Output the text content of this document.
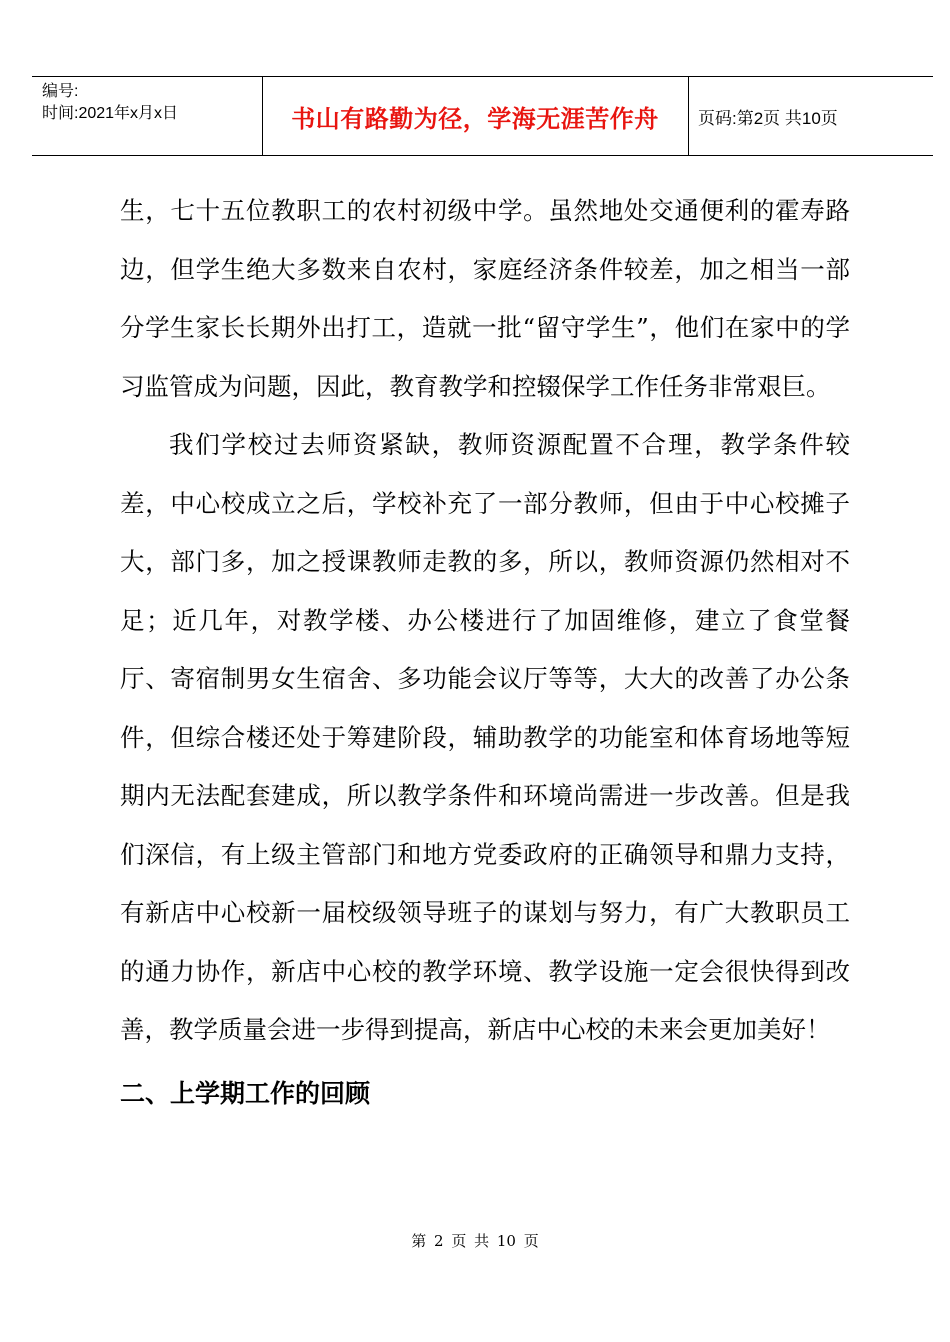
编号:
时间:2021年x月x日	书山有路勤为径，学海无涯苦作舟	页码:第2页 共10页

生，七十五位教职工的农村初级中学。虽然地处交通便利的霍寿路边，但学生绝大多数来自农村，家庭经济条件较差，加之相当一部分学生家长长期外出打工，造就一批“留守学生”，他们在家中的学习监管成为问题，因此，教育教学和控辍保学工作任务非常艰巨。

我们学校过去师资紧缺，教师资源配置不合理，教学条件较差，中心校成立之后，学校补充了一部分教师，但由于中心校摊子大，部门多，加之授课教师走教的多，所以，教师资源仍然相对不足；近几年，对教学楼、办公楼进行了加固维修，建立了食堂餐厅、寄宿制男女生宿舍、多功能会议厅等等，大大的改善了办公条件，但综合楼还处于筹建阶段，辅助教学的功能室和体育场地等短期内无法配套建成，所以教学条件和环境尚需进一步改善。但是我们深信，有上级主管部门和地方党委政府的正确领导和鼎力支持，有新店中心校新一届校级领导班子的谋划与努力，有广大教职员工的通力协作，新店中心校的教学环境、教学设施一定会很快得到改善，教学质量会进一步得到提高，新店中心校的未来会更加美好！

二、上学期工作的回顾

第 2 页 共 10 页
